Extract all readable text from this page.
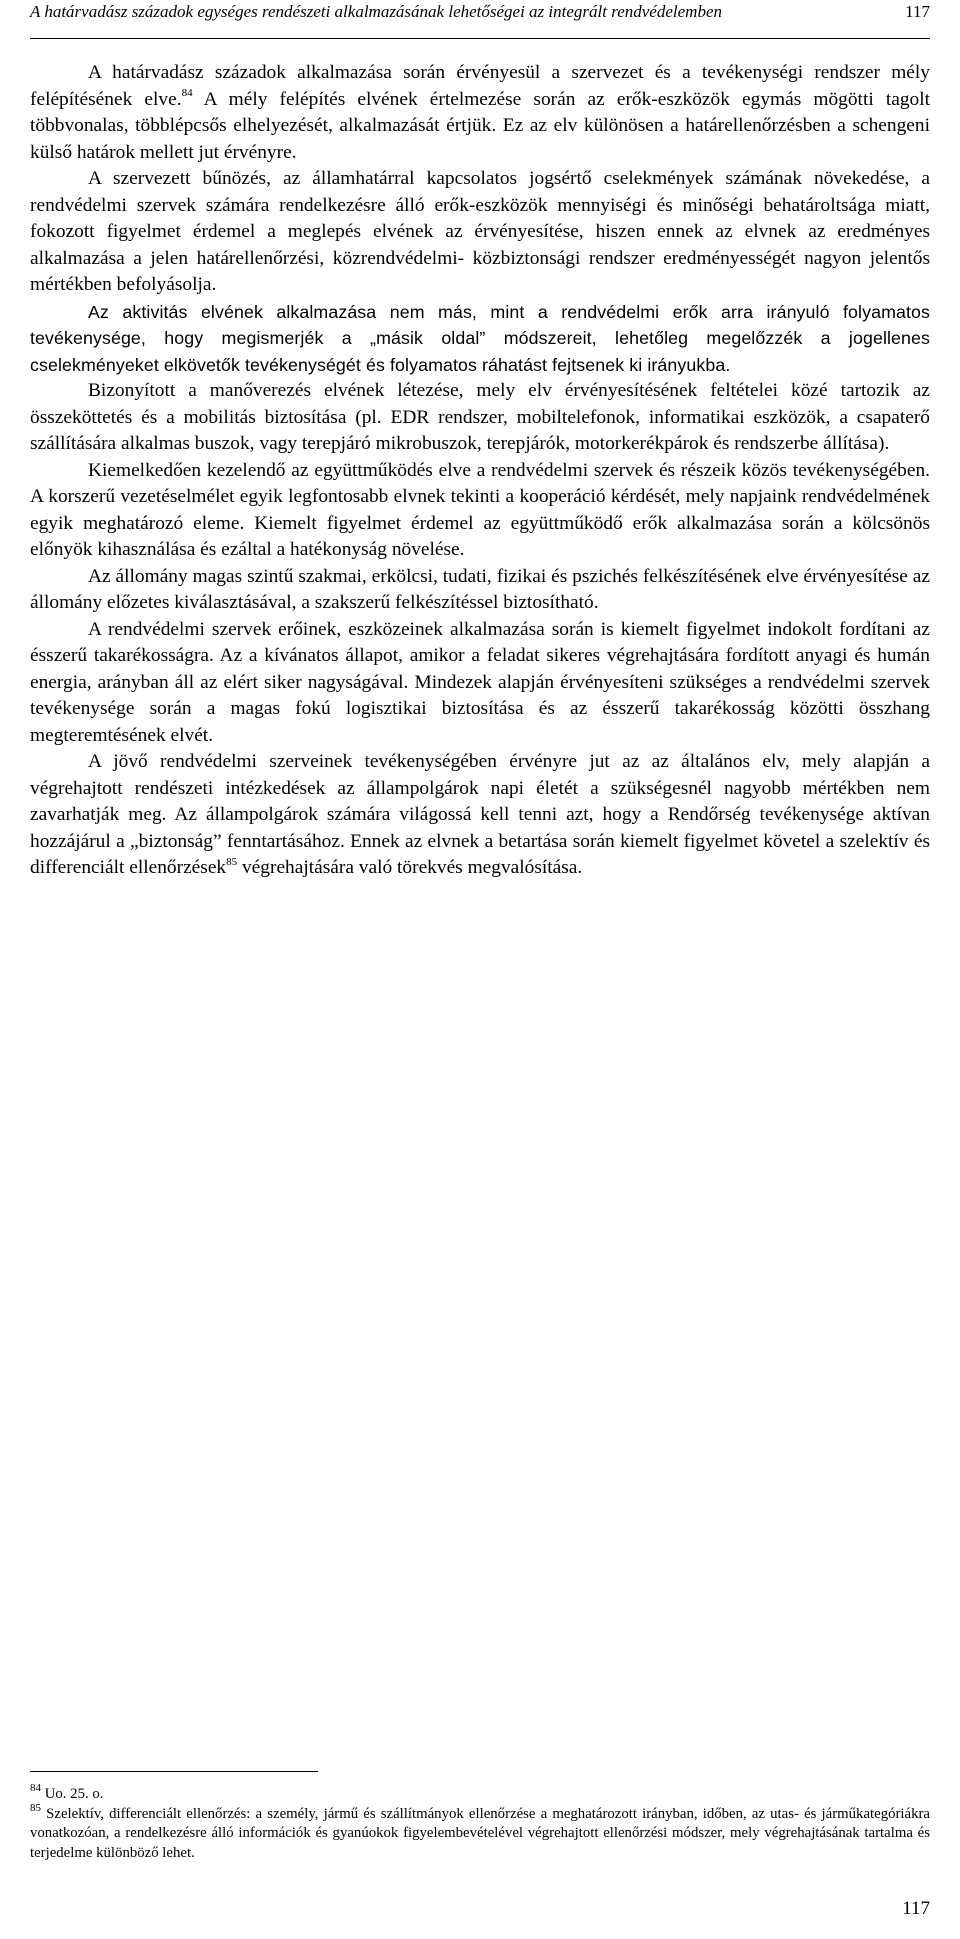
A határvadász századok egységes rendészeti alkalmazásának lehetőségei az integrált rendvédelemben	117

A határvadász századok alkalmazása során érvényesül a szervezet és a tevékenységi rendszer mély felépítésének elve.$^{84}$ A mély felépítés elvének értelmezése során az erők-eszközök egymás mögötti tagolt többvonalas, többlépcsős elhelyezését, alkalmazását értjük. Ez az elv különösen a határellenőrzésben a schengeni külső határok mellett jut érvényre.

A szervezett bűnözés, az államhatárral kapcsolatos jogsértő cselekmények számának növekedése, a rendvédelmi szervek számára rendelkezésre álló erők-eszközök mennyiségi és minőségi behatároltsága miatt, fokozott figyelmet érdemel a meglepés elvének az érvényesítése, hiszen ennek az elvnek az eredményes alkalmazása a jelen határellenőrzési, közrendvédelmi- közbiztonsági rendszer eredményességét nagyon jelentős mértékben befolyásolja.

Az aktivitás elvének alkalmazása nem más, mint a rendvédelmi erők arra irányuló folyamatos tevékenysége, hogy megismerjék a „másik oldal” módszereit, lehetőleg megelőzzék a jogellenes cselekményeket elkövetők tevékenységét és folyamatos ráhatást fejtsenek ki irányukba.

Bizonyított a manőverezés elvének létezése, mely elv érvényesítésének feltételei közé tartozik az összeköttetés és a mobilitás biztosítása (pl. EDR rendszer, mobiltelefonok, informatikai eszközök, a csapaterő szállítására alkalmas buszok, vagy terepjáró mikrobuszok, terepjárók, motorkerékpárok és rendszerbe állítása).

Kiemelkedően kezelendő az együttműködés elve a rendvédelmi szervek és részeik közös tevékenységében. A korszerű vezetéselmélet egyik legfontosabb elvnek tekinti a kooperáció kérdését, mely napjaink rendvédelmének egyik meghatározó eleme. Kiemelt figyelmet érdemel az együttműködő erők alkalmazása során a kölcsönös előnyök kihasználása és ezáltal a hatékonyság növelése.

Az állomány magas szintű szakmai, erkölcsi, tudati, fizikai és pszichés felkészítésének elve érvényesítése az állomány előzetes kiválasztásával, a szakszerű felkészítéssel biztosítható.

A rendvédelmi szervek erőinek, eszközeinek alkalmazása során is kiemelt figyelmet indokolt fordítani az ésszerű takarékosságra. Az a kívánatos állapot, amikor a feladat sikeres végrehajtására fordított anyagi és humán energia, arányban áll az elért siker nagyságával. Mindezek alapján érvényesíteni szükséges a rendvédelmi szervek tevékenysége során a magas fokú logisztikai biztosítása és az ésszerű takarékosság közötti összhang megteremtésének elvét.

A jövő rendvédelmi szerveinek tevékenységében érvényre jut az az általános elv, mely alapján a végrehajtott rendészeti intézkedések az állampolgárok napi életét a szükségesnél nagyobb mértékben nem zavarhatják meg. Az állampolgárok számára világossá kell tenni azt, hogy a Rendőrség tevékenysége aktívan hozzájárul a „biztonság” fenntartásához. Ennek az elvnek a betartása során kiemelt figyelmet követel a szelektív és differenciált ellenőrzések$^{85}$ végrehajtására való törekvés megvalósítása.

$^{84}$ Uo. 25. o.

$^{85}$ Szelektív, differenciált ellenőrzés: a személy, jármű és szállítmányok ellenőrzése a meghatározott irányban, időben, az utas- és járműkategóriákra vonatkozóan, a rendelkezésre álló információk és gyanúokok figyelembevételével végrehajtott ellenőrzési módszer, mely végrehajtásának tartalma és terjedelme különböző lehet.

117
